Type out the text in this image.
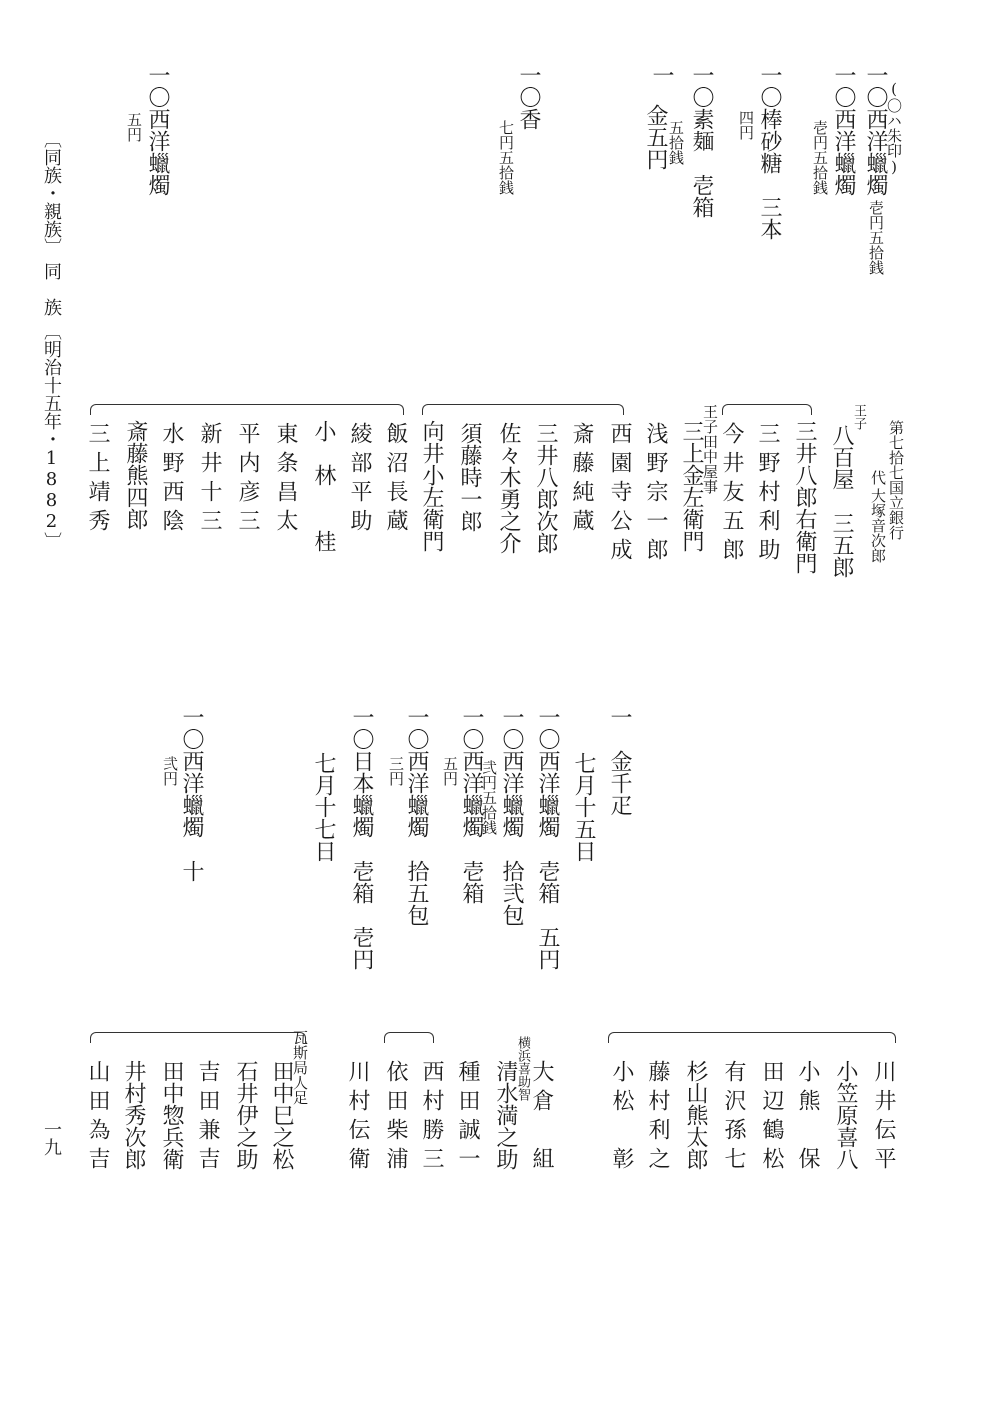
〔同族・親族〕
同　族
〔明治十五年・1882〕
一九
(〇ハ朱印)
一〇西洋蠟燭
壱円五拾銭
一〇西洋蠟燭
壱円五拾銭
一〇棒砂糖　三本
四円
一〇素麺　壱箱
五拾銭
一
金五円
一〇香
七円五拾銭
一〇西洋蠟燭
五円
第七拾七国立銀行
代
大塚音次郎
王子
八百屋　三五郎
三井八郎右衛門
三野村利助
今井友五郎
王子田中屋事
三上金左衛門
浅野宗一郎
西園寺公成
斎藤純蔵
三井八郎次郎
佐々木勇之介
須藤時一郎
向井小左衛門
飯沼長蔵
綾部平助
小　林　　桂
東条昌太
平内彦三
新井十三
水野西陰
斎藤熊四郎
三上靖秀
一　金千疋
七月十五日
一〇西洋蠟燭　壱箱　五円
一〇西洋蠟燭　拾弐包
弐円五拾銭
一〇西洋蠟燭　壱箱
五円
一〇西洋蠟燭　拾五包
三円
一〇日本蠟燭　壱箱　壱円
七月十七日
一〇西洋蠟燭　十
弐円
川井伝平
小笠原喜八
小熊　保
田辺鶴松
有沢孫七
杉山熊太郎
藤村利之
小松　彰
大倉　組
横浜喜助智
清水満之助
種田誠一
西村勝三
依田柴浦
川村伝衛
瓦斯局人足
田中巳之松
石井伊之助
吉田兼吉
田中惣兵衛
井村秀次郎
山田為吉
